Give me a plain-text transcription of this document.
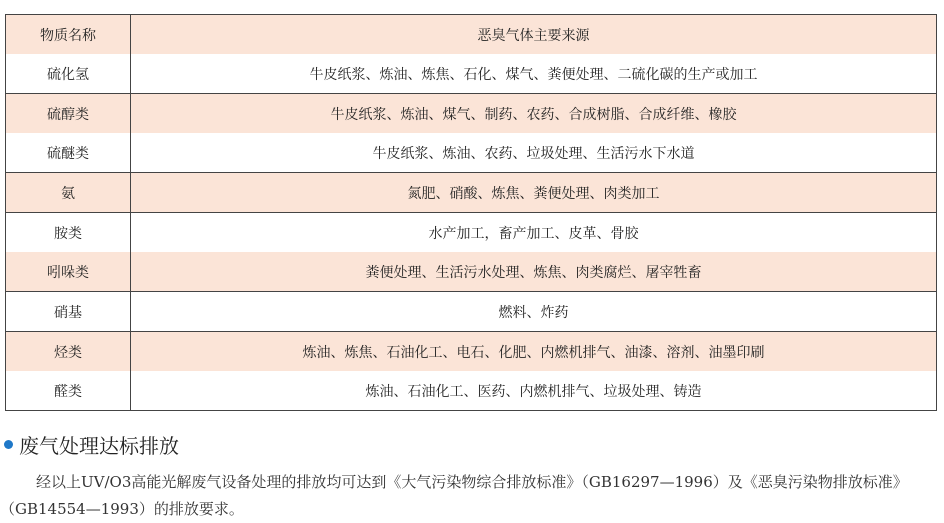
物质名称	恶臭气体主要来源
硫化氢	牛皮纸浆、炼油、炼焦、石化、煤气、粪便处理、二硫化碳的生产或加工
硫醇类	牛皮纸浆、炼油、煤气、制药、农药、合成树脂、合成纤维、橡胶
硫醚类	牛皮纸浆、炼油、农药、垃圾处理、生活污水下水道
氨	氮肥、硝酸、炼焦、粪便处理、肉类加工
胺类	水产加工，畜产加工、皮革、骨胶
吲哚类	粪便处理、生活污水处理、炼焦、肉类腐烂、屠宰牲畜
硝基	燃料、炸药
烃类	炼油、炼焦、石油化工、电石、化肥、内燃机排气、油漆、溶剂、油墨印刷
醛类	炼油、石油化工、医药、内燃机排气、垃圾处理、铸造
废气处理达标排放

经以上UV/O3高能光解废气设备处理的排放均可达到《大气污染物综合排放标准》（GB16297—1996）及《恶臭污染物排放标准》（GB14554—1993）的排放要求。
